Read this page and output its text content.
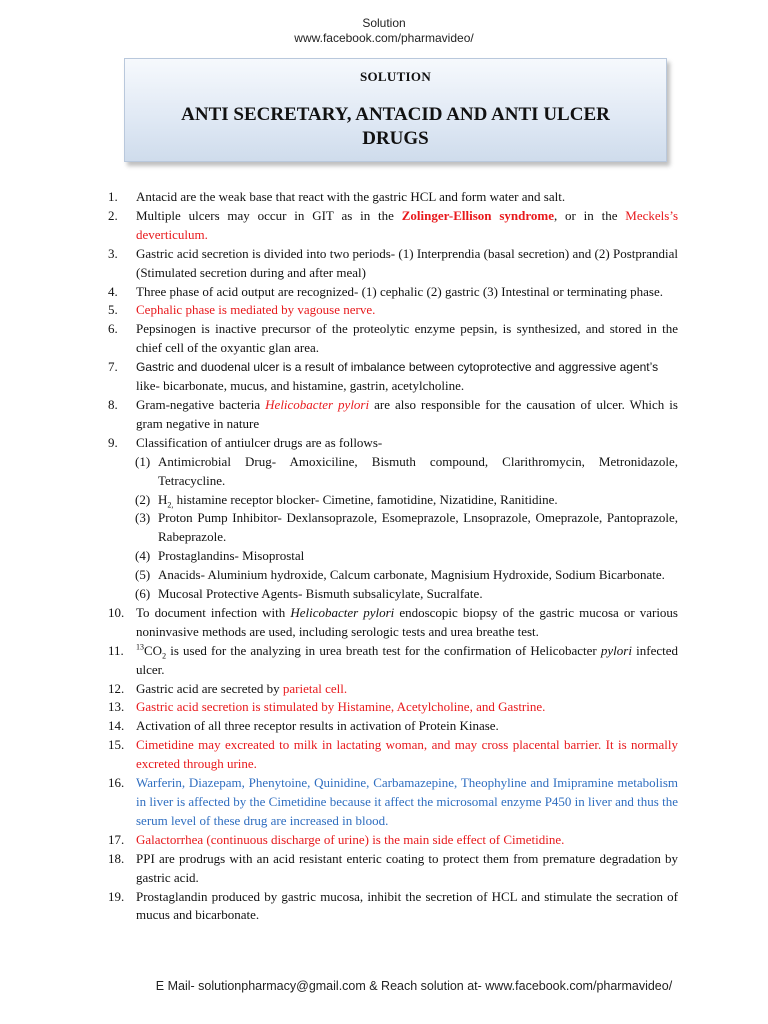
Solution
www.facebook.com/pharmavideo/
SOLUTION
ANTI SECRETARY, ANTACID AND ANTI ULCER DRUGS
1.	Antacid are the weak base that react with the gastric HCL and form water and salt.
2.	Multiple ulcers may occur in GIT as in the Zolinger-Ellison syndrome, or in the Meckels’s deverticulum.
3.	Gastric acid secretion is divided into two periods- (1) Interprendia (basal secretion) and (2) Postprandial (Stimulated secretion during and after meal)
4.	Three phase of acid output are recognized- (1) cephalic (2) gastric (3) Intestinal or terminating phase.
5.	Cephalic phase is mediated by vagouse nerve.
6.	Pepsinogen is inactive precursor of the proteolytic enzyme pepsin, is synthesized, and stored in the chief cell of the oxyantic glan area.
7.	Gastric and duodenal ulcer is a result of imbalance between cytoprotective and aggressive agent’s
like- bicarbonate, mucus, and histamine, gastrin, acetylcholine.
8.	Gram-negative bacteria Helicobacter pylori are also responsible for the causation of ulcer. Which is gram negative in nature
9.	Classification of antiulcer drugs are as follows-
(1) Antimicrobial Drug- Amoxiciline, Bismuth compound, Clarithromycin, Metronidazole, Tetracycline.
(2) $H_{2,}$ histamine receptor blocker- Cimetine, famotidine, Nizatidine, Ranitidine.
(3) Proton Pump Inhibitor- Dexlansoprazole, Esomeprazole, Lnsoprazole, Omeprazole, Pantoprazole, Rabeprazole.
(4) Prostaglandins- Misoprostal
(5) Anacids- Aluminium hydroxide, Calcum carbonate, Magnisium Hydroxide, Sodium Bicarbonate.
(6) Mucosal Protective Agents- Bismuth subsalicylate, Sucralfate.
10. To document infection with Helicobacter pylori endoscopic biopsy of the gastric mucosa or various noninvasive methods are used, including serologic tests and urea breathe test.
11.	$^{13}CO_2$ is used for the analyzing in urea breath test for the confirmation of Helicobacter pylori infected ulcer.
12. Gastric acid are secreted by parietal cell.
13. Gastric acid secretion is stimulated by Histamine, Acetylcholine, and Gastrine.
14. Activation of all three receptor results in activation of Protein Kinase.
15. Cimetidine may excreated to milk in lactating woman, and may cross placental barrier. It is normally excreted through urine.
16. Warferin, Diazepam, Phenytoine, Quinidine, Carbamazepine, Theophyline and Imipramine metabolism in liver is affected by the Cimetidine because it affect the microsomal enzyme P450 in liver and thus the serum level of these drug are increased in blood.
17. Galactorrhea (continuous discharge of urine) is the main side effect of Cimetidine.
18. PPI are prodrugs with an acid resistant enteric coating to protect them from premature degradation by gastric acid.
19. Prostaglandin produced by gastric mucosa, inhibit the secretion of HCL and stimulate the secration of mucus and bicarbonate.
E Mail- solutionpharmacy@gmail.com & Reach solution at- www.facebook.com/pharmavideo/
